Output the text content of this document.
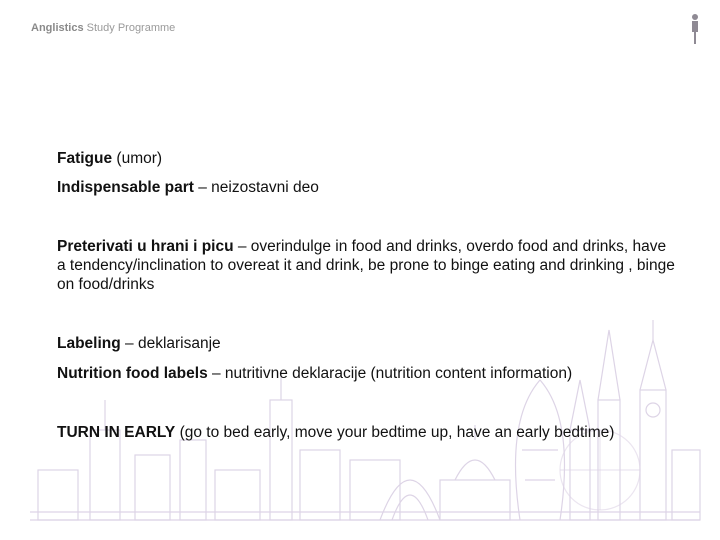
Anglistics Study Programme
Fatigue (umor)
Indispensable part – neizostavni deo
Preterivati u hrani i picu – overindulge in food and drinks, overdo food and drinks, have a tendency/inclination to overeat it and drink, be prone to binge eating and drinking , binge on food/drinks
Labeling – deklarisanje
Nutrition food labels – nutritivne deklaracije (nutrition content information)
TURN IN EARLY (go to bed early, move your bedtime up, have an early bedtime)
